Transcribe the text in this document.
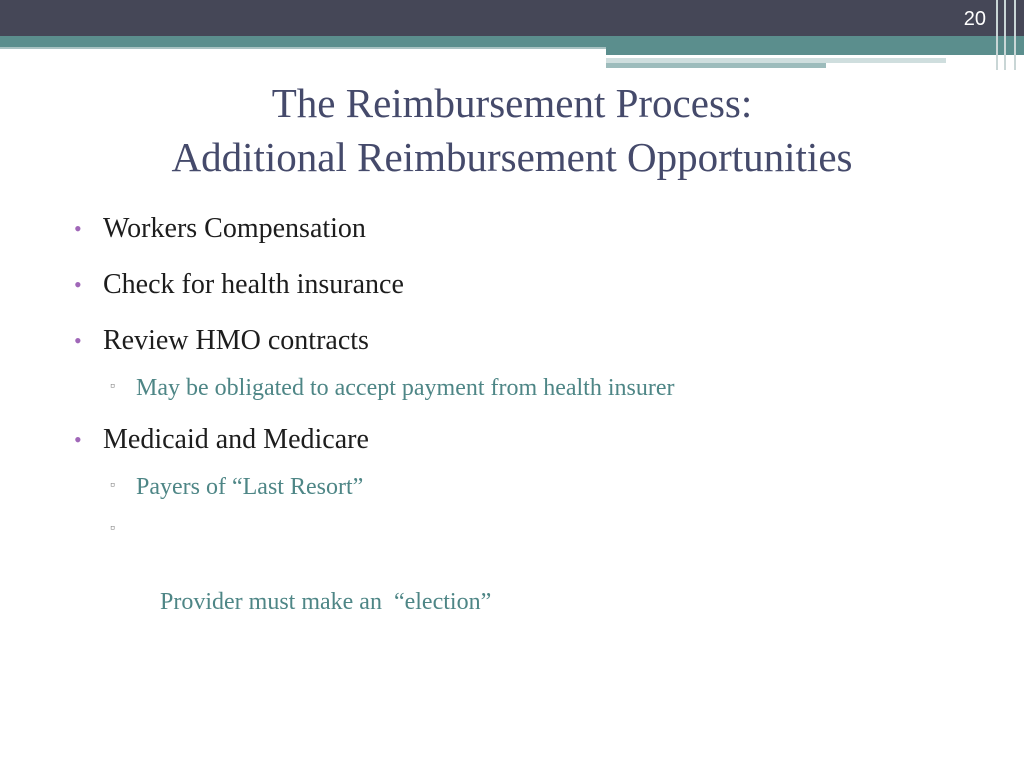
20
The Reimbursement Process:
Additional Reimbursement Opportunities
• Workers Compensation
• Check for health insurance
• Review HMO contracts
▫ May be obligated to accept payment from health insurer
• Medicaid and Medicare
▫ Payers of “Last Resort”

▫

Provider must make an  “election”
